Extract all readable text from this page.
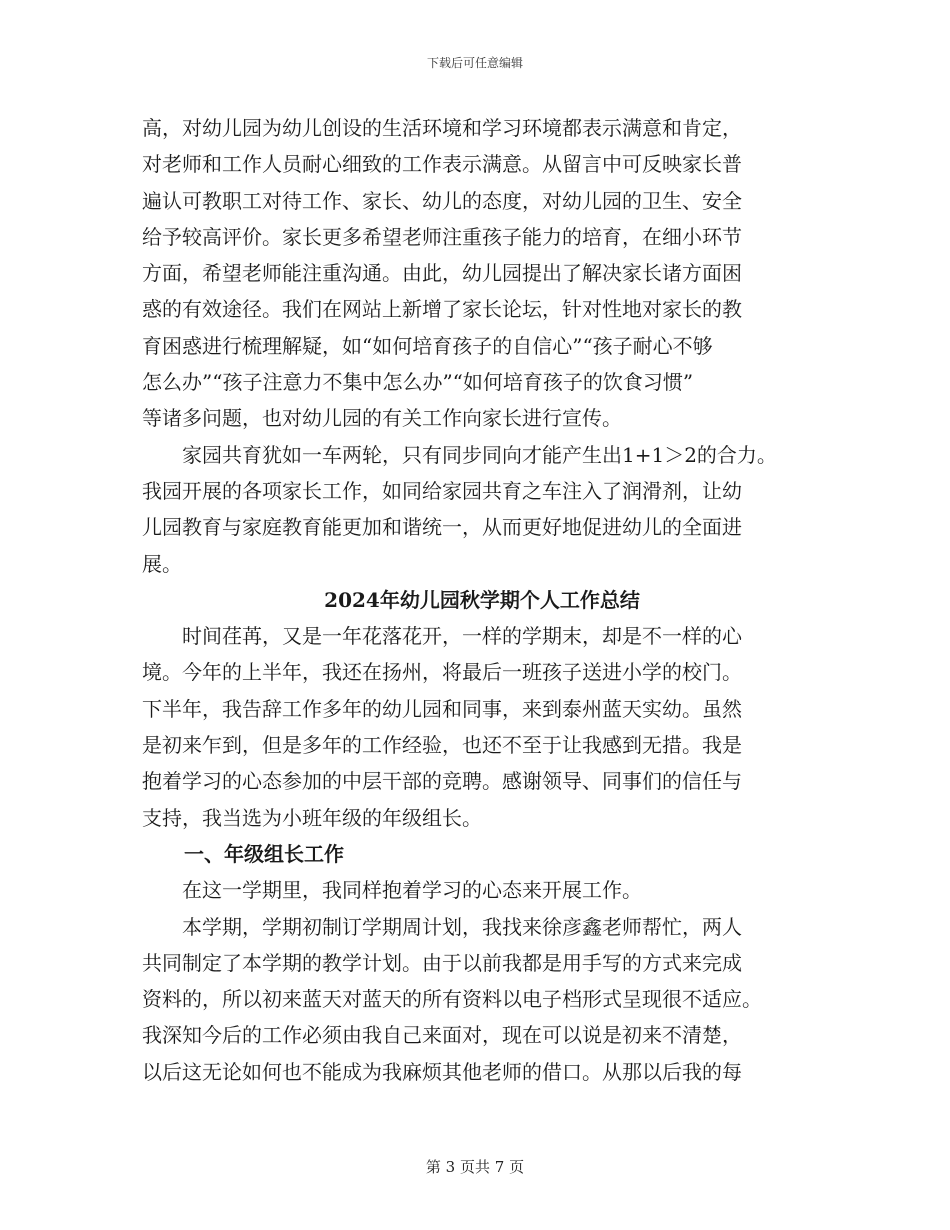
下载后可任意编辑

高，对幼儿园为幼儿创设的生活环境和学习环境都表示满意和肯定，

对老师和工作人员耐心细致的工作表示满意。从留言中可反映家长普

遍认可教职工对待工作、家长、幼儿的态度，对幼儿园的卫生、安全

给予较高评价。家长更多希望老师注重孩子能力的培育，在细小环节

方面，希望老师能注重沟通。由此，幼儿园提出了解决家长诸方面困

惑的有效途径。我们在网站上新增了家长论坛，针对性地对家长的教

育困惑进行梳理解疑，如“如何培育孩子的自信心”“孩子耐心不够

怎么办”“孩子注意力不集中怎么办”“如何培育孩子的饮食习惯”

等诸多问题，也对幼儿园的有关工作向家长进行宣传。

　　家园共育犹如一车两轮，只有同步同向才能产生出1+1＞2的合力。

我园开展的各项家长工作，如同给家园共育之车注入了润滑剂，让幼

儿园教育与家庭教育能更加和谐统一，从而更好地促进幼儿的全面进

展。

2024年幼儿园秋学期个人工作总结

　　时间荏苒，又是一年花落花开，一样的学期末，却是不一样的心

境。今年的上半年，我还在扬州，将最后一班孩子送进小学的校门。

下半年，我告辞工作多年的幼儿园和同事，来到泰州蓝天实幼。虽然

是初来乍到，但是多年的工作经验，也还不至于让我感到无措。我是

抱着学习的心态参加的中层干部的竞聘。感谢领导、同事们的信任与

支持，我当选为小班年级的年级组长。

一、年级组长工作

　　在这一学期里，我同样抱着学习的心态来开展工作。

　　本学期，学期初制订学期周计划，我找来徐彦鑫老师帮忙，两人

共同制定了本学期的教学计划。由于以前我都是用手写的方式来完成

资料的，所以初来蓝天对蓝天的所有资料以电子档形式呈现很不适应。

我深知今后的工作必须由我自己来面对，现在可以说是初来不清楚，

以后这无论如何也不能成为我麻烦其他老师的借口。从那以后我的每

第 3 页共 7 页
